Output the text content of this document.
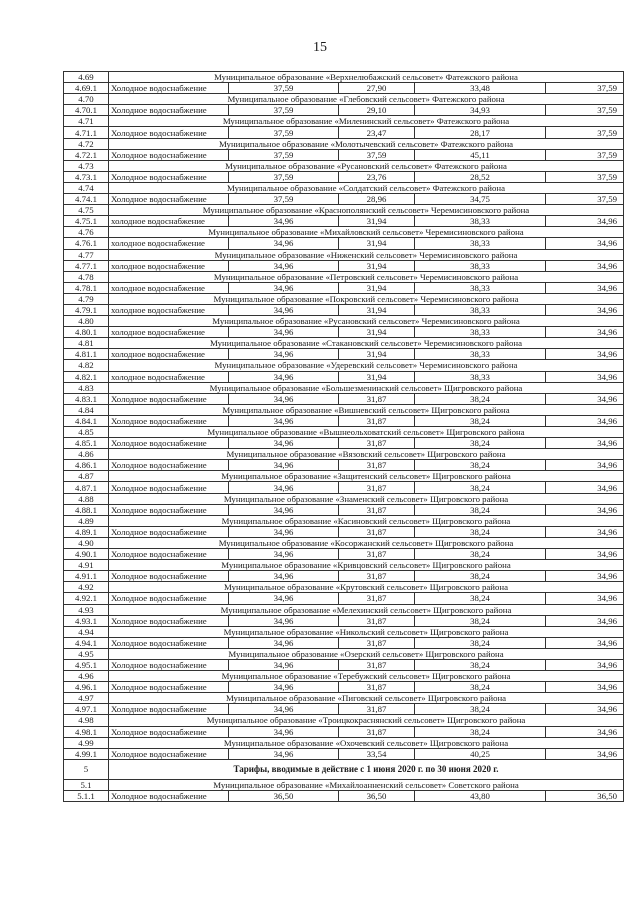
15
4.69	Муниципальное образование «Верхнелюбажский сельсовет» Фатежского района				
4.69.1	Холодное водоснабжение	37,59	27,90	33,48	37,59
4.70	Муниципальное образование «Глебовский сельсовет» Фатежского района				
4.70.1	Холодное водоснабжение	37,59	29,10	34,93	37,59
4.71	Муниципальное образование «Миленинский сельсовет» Фатежского района				
4.71.1	Холодное водоснабжение	37,59	23,47	28,17	37,59
4.72	Муниципальное образование «Молотычевский сельсовет» Фатежского района				
4.72.1	Холодное водоснабжение	37,59	37,59	45,11	37,59
4.73	Муниципальное образование «Русановский сельсовет» Фатежского района				
4.73.1	Холодное водоснабжение	37,59	23,76	28,52	37,59
4.74	Муниципальное образование «Солдатский сельсовет» Фатежского района				
4.74.1	Холодное водоснабжение	37,59	28,96	34,75	37,59
4.75	Муниципальное образование «Краснополянский сельсовет» Черемисиновского района				
4.75.1	холодное водоснабжение	34,96	31,94	38,33	34,96
4.76	Муниципальное образование «Михайловский сельсовет» Черемисиновского района				
4.76.1	холодное водоснабжение	34,96	31,94	38,33	34,96
4.77	Муниципальное образование «Ниженский сельсовет» Черемисиновского района				
4.77.1	холодное водоснабжение	34,96	31,94	38,33	34,96
4.78	Муниципальное образование «Петровский сельсовет» Черемисиновского района				
4.78.1	холодное водоснабжение	34,96	31,94	38,33	34,96
4.79	Муниципальное образование «Покровский сельсовет» Черемисиновского района				
4.79.1	холодное водоснабжение	34,96	31,94	38,33	34,96
4.80	Муниципальное образование «Русановский сельсовет» Черемисиновского района				
4.80.1	холодное водоснабжение	34,96	31,94	38,33	34,96
4.81	Муниципальное образование «Стакановский сельсовет» Черемисиновского района				
4.81.1	холодное водоснабжение	34,96	31,94	38,33	34,96
4.82	Муниципальное образование «Удеревский сельсовет» Черемисиновского района				
4.82.1	холодное водоснабжение	34,96	31,94	38,33	34,96
4.83	Муниципальное образование «Большезменинский сельсовет» Щигровского района				
4.83.1	Холодное водоснабжение	34,96	31,87	38,24	34,96
4.84	Муниципальное образование «Вишневский сельсовет» Щигровского района				
4.84.1	Холодное водоснабжение	34,96	31,87	38,24	34,96
4.85	Муниципальное образование «Вышнеольховатский сельсовет» Щигровского района				
4.85.1	Холодное водоснабжение	34,96	31,87	38,24	34,96
4.86	Муниципальное образование «Вязовский сельсовет» Щигровского района				
4.86.1	Холодное водоснабжение	34,96	31,87	38,24	34,96
4.87	Муниципальное образование «Защитенский сельсовет» Щигровского района				
4.87.1	Холодное водоснабжение	34,96	31,87	38,24	34,96
4.88	Муниципальное образование «Знаменский сельсовет» Щигровского района				
4.88.1	Холодное водоснабжение	34,96	31,87	38,24	34,96
4.89	Муниципальное образование «Касиновский сельсовет» Щигровского района				
4.89.1	Холодное водоснабжение	34,96	31,87	38,24	34,96
4.90	Муниципальное образование «Косоржанский сельсовет» Щигровского района				
4.90.1	Холодное водоснабжение	34,96	31,87	38,24	34,96
4.91	Муниципальное образование «Кривцовский сельсовет» Щигровского района				
4.91.1	Холодное водоснабжение	34,96	31,87	38,24	34,96
4.92	Муниципальное образование «Крутовский сельсовет» Щигровского района				
4.92.1	Холодное водоснабжение	34,96	31,87	38,24	34,96
4.93	Муниципальное образование «Мелехинский сельсовет» Щигровского района				
4.93.1	Холодное водоснабжение	34,96	31,87	38,24	34,96
4.94	Муниципальное образование «Никольский сельсовет» Щигровского района				
4.94.1	Холодное водоснабжение	34,96	31,87	38,24	34,96
4.95	Муниципальное образование «Озерский сельсовет» Щигровского района				
4.95.1	Холодное водоснабжение	34,96	31,87	38,24	34,96
4.96	Муниципальное образование «Теребужский сельсовет» Щигровского района				
4.96.1	Холодное водоснабжение	34,96	31,87	38,24	34,96
4.97	Муниципальное образование «Пиговский сельсовет» Щигровского района				
4.97.1	Холодное водоснабжение	34,96	31,87	38,24	34,96
4.98	Муниципальное образование «Троицкокраснянский сельсовет» Щигровского района				
4.98.1	Холодное водоснабжение	34,96	31,87	38,24	34,96
4.99	Муниципальное образование «Охочевский сельсовет» Щигровского района				
4.99.1	Холодное водоснабжение	34,96	33,54	40,25	34,96
5	Тарифы, вводимые в действие с 1 июня 2020 г. по 30 июня 2020 г.				
5.1	Муниципальное образование «Михайлоанненский сельсовет» Советского района				
5.1.1	Холодное водоснабжение	36,50	36,50	43,80	36,50
